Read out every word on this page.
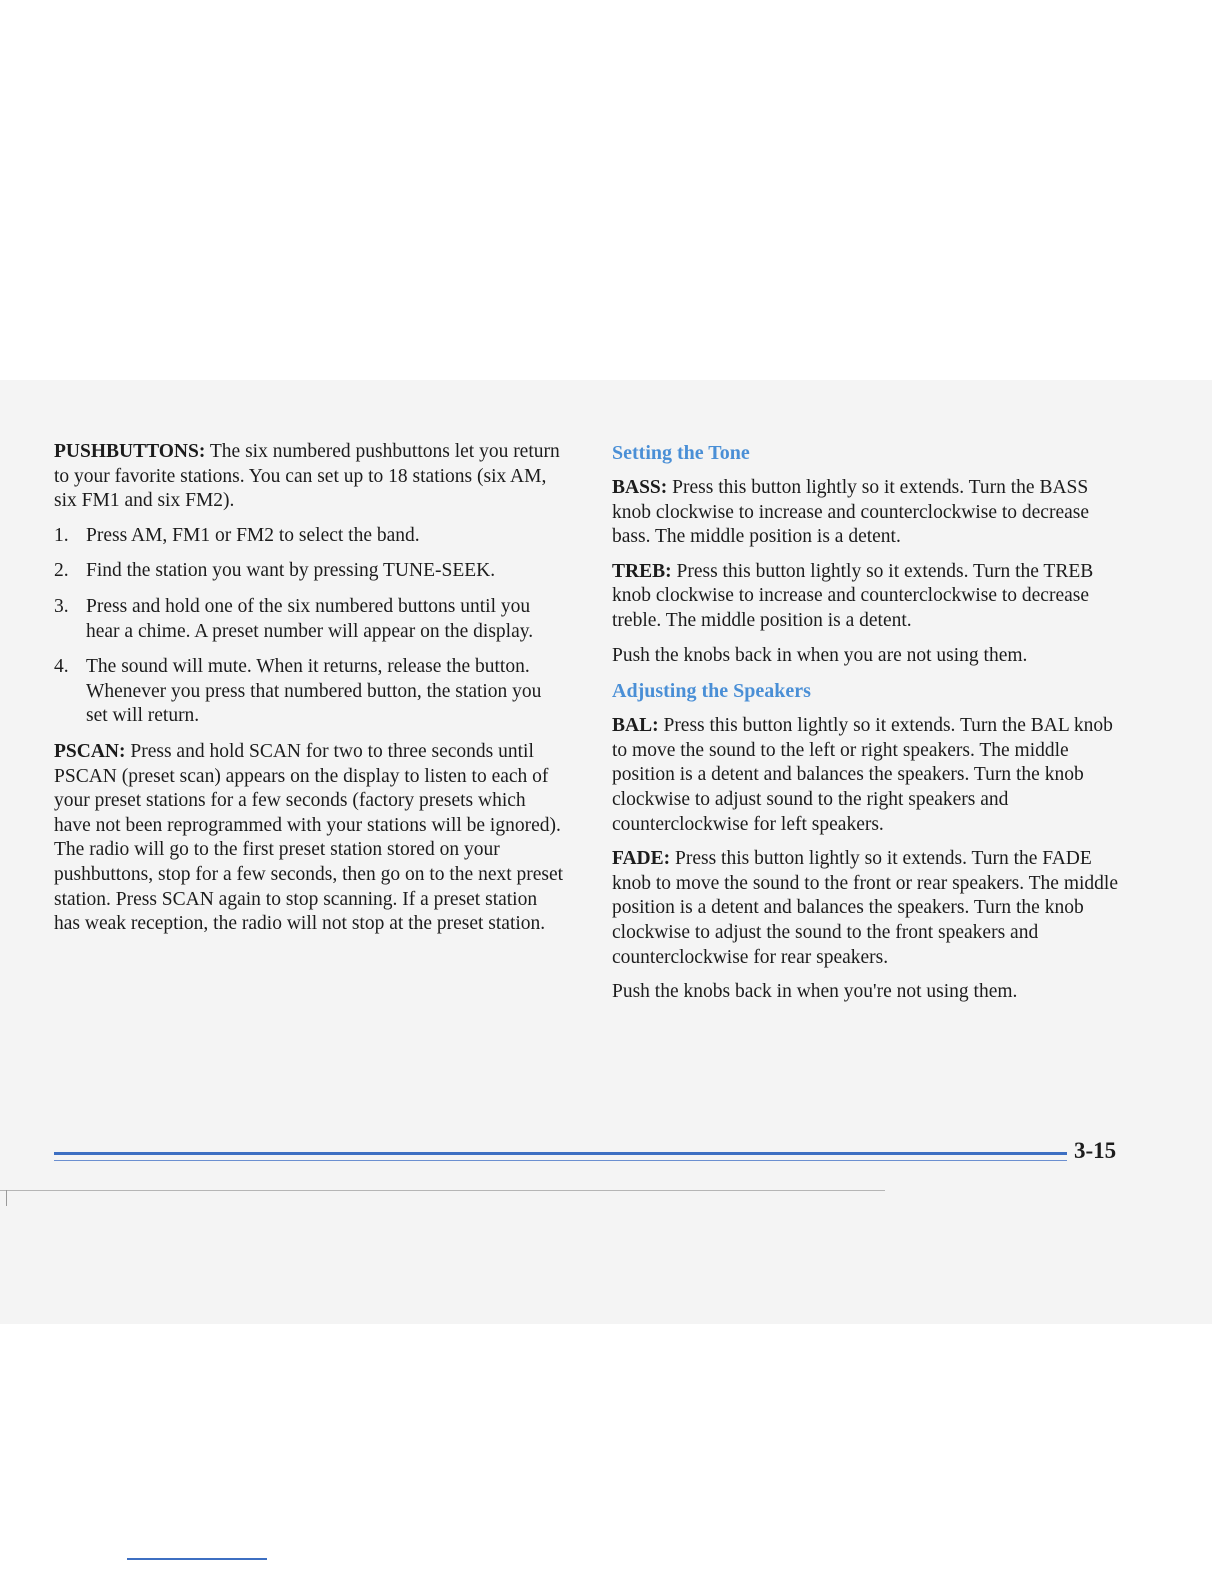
PUSHBUTTONS: The six numbered pushbuttons let you return to your favorite stations. You can set up to 18 stations (six AM, six FM1 and six FM2).

1. Press AM, FM1 or FM2 to select the band.
2. Find the station you want by pressing TUNE-SEEK.
3. Press and hold one of the six numbered buttons until you hear a chime. A preset number will appear on the display.
4. The sound will mute. When it returns, release the button. Whenever you press that numbered button, the station you set will return.

PSCAN: Press and hold SCAN for two to three seconds until PSCAN (preset scan) appears on the display to listen to each of your preset stations for a few seconds (factory presets which have not been reprogrammed with your stations will be ignored). The radio will go to the first preset station stored on your pushbuttons, stop for a few seconds, then go on to the next preset station. Press SCAN again to stop scanning. If a preset station has weak reception, the radio will not stop at the preset station.

Setting the Tone

BASS: Press this button lightly so it extends. Turn the BASS knob clockwise to increase and counterclockwise to decrease bass. The middle position is a detent.

TREB: Press this button lightly so it extends. Turn the TREB knob clockwise to increase and counterclockwise to decrease treble. The middle position is a detent.

Push the knobs back in when you are not using them.

Adjusting the Speakers

BAL: Press this button lightly so it extends. Turn the BAL knob to move the sound to the left or right speakers. The middle position is a detent and balances the speakers. Turn the knob clockwise to adjust sound to the right speakers and counterclockwise for left speakers.

FADE: Press this button lightly so it extends. Turn the FADE knob to move the sound to the front or rear speakers. The middle position is a detent and balances the speakers. Turn the knob clockwise to adjust the sound to the front speakers and counterclockwise for rear speakers.

Push the knobs back in when you're not using them.

3-15
